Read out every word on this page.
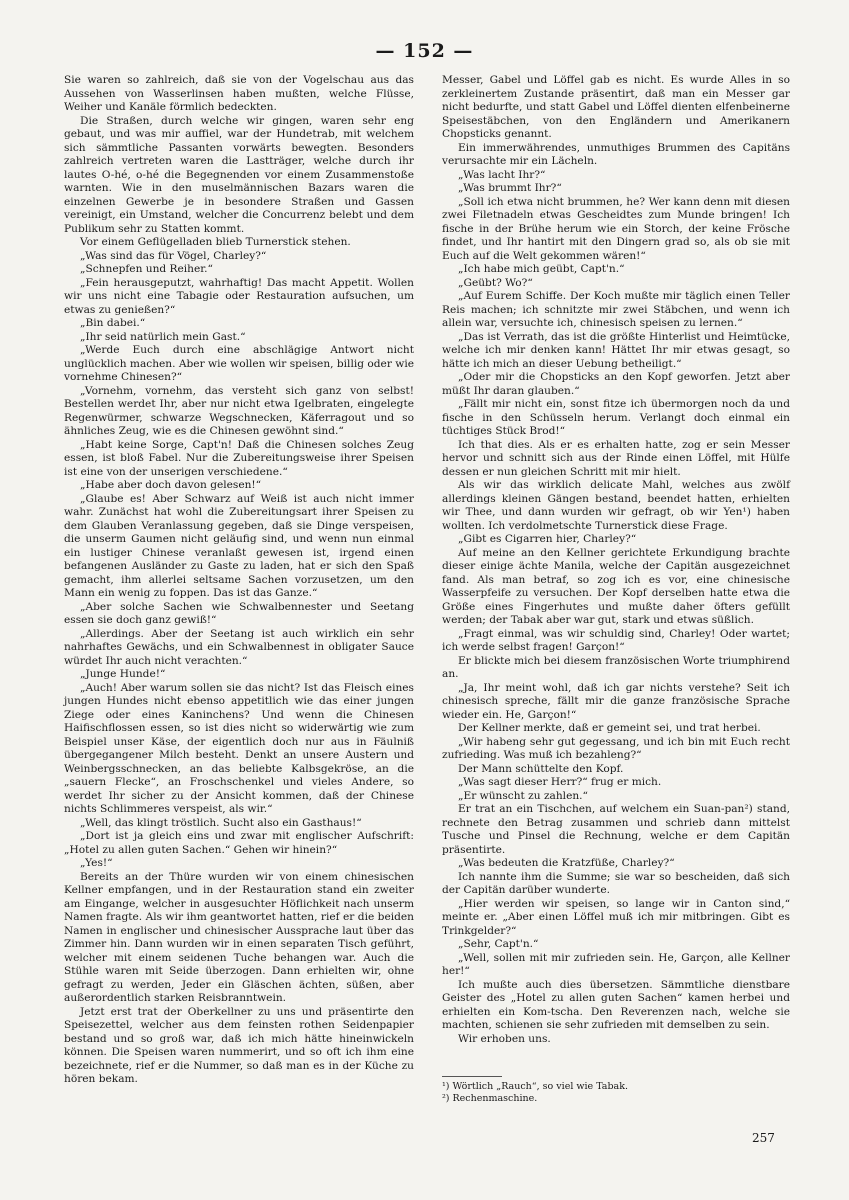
— 152 —

Sie waren so zahlreich, daß sie von der Vogelschau aus das Aussehen von Wasserlinsen haben mußten, welche Flüsse, Weiher und Kanäle förmlich bedeckten.

Die Straßen, durch welche wir gingen, waren sehr eng gebaut, und was mir auffiel, war der Hundetrab, mit welchem sich sämmtliche Passanten vorwärts bewegten. Besonders zahlreich vertreten waren die Lastträger, welche durch ihr lautes O-hé, o-hé die Begegnenden vor einem Zusammenstoße warnten. Wie in den muselmännischen Bazars waren die einzelnen Gewerbe je in besondere Straßen und Gassen vereinigt, ein Umstand, welcher die Concurrenz belebt und dem Publikum sehr zu Statten kommt.

Vor einem Geflügelladen blieb Turnerstick stehen.

„Was sind das für Vögel, Charley?“

„Schnepfen und Reiher.“

„Fein herausgeputzt, wahrhaftig! Das macht Appetit. Wollen wir uns nicht eine Tabagie oder Restauration aufsuchen, um etwas zu genießen?“

„Bin dabei.“

„Ihr seid natürlich mein Gast.“

„Werde Euch durch eine abschlägige Antwort nicht unglücklich machen. Aber wie wollen wir speisen, billig oder wie vornehme Chinesen?“

„Vornehm, vornehm, das versteht sich ganz von selbst! Bestellen werdet Ihr, aber nur nicht etwa Igelbraten, eingelegte Regenwürmer, schwarze Wegschnecken, Käferragout und so ähnliches Zeug, wie es die Chinesen gewöhnt sind.“

„Habt keine Sorge, Capt'n! Daß die Chinesen solches Zeug essen, ist bloß Fabel. Nur die Zubereitungsweise ihrer Speisen ist eine von der unserigen verschiedene.“

„Habe aber doch davon gelesen!“

„Glaube es! Aber Schwarz auf Weiß ist auch nicht immer wahr. Zunächst hat wohl die Zubereitungsart ihrer Speisen zu dem Glauben Veranlassung gegeben, daß sie Dinge verspeisen, die unserm Gaumen nicht geläufig sind, und wenn nun einmal ein lustiger Chinese veranlaßt gewesen ist, irgend einen befangenen Ausländer zu Gaste zu laden, hat er sich den Spaß gemacht, ihm allerlei seltsame Sachen vorzusetzen, um den Mann ein wenig zu foppen. Das ist das Ganze.“

„Aber solche Sachen wie Schwalbennester und Seetang essen sie doch ganz gewiß!“

„Allerdings. Aber der Seetang ist auch wirklich ein sehr nahrhaftes Gewächs, und ein Schwalbennest in obligater Sauce würdet Ihr auch nicht verachten.“

„Junge Hunde!“

„Auch! Aber warum sollen sie das nicht? Ist das Fleisch eines jungen Hundes nicht ebenso appetitlich wie das einer jungen Ziege oder eines Kaninchens? Und wenn die Chinesen Haifischflossen essen, so ist dies nicht so widerwärtig wie zum Beispiel unser Käse, der eigentlich doch nur aus in Fäulniß übergegangener Milch besteht. Denkt an unsere Austern und Weinbergsschnecken, an das beliebte Kalbsgekröse, an die „sauern Flecke“, an Froschschenkel und vieles Andere, so werdet Ihr sicher zu der Ansicht kommen, daß der Chinese nichts Schlimmeres verspeist, als wir.“

„Well, das klingt tröstlich. Sucht also ein Gasthaus!“

„Dort ist ja gleich eins und zwar mit englischer Aufschrift: „Hotel zu allen guten Sachen.“ Gehen wir hinein?“

„Yes!“

Bereits an der Thüre wurden wir von einem chinesischen Kellner empfangen, und in der Restauration stand ein zweiter am Eingange, welcher in ausgesuchter Höflichkeit nach unserm Namen fragte. Als wir ihm geantwortet hatten, rief er die beiden Namen in englischer und chinesischer Aussprache laut über das Zimmer hin. Dann wurden wir in einen separaten Tisch geführt, welcher mit einem seidenen Tuche behangen war. Auch die Stühle waren mit Seide überzogen. Dann erhielten wir, ohne gefragt zu werden, Jeder ein Gläschen ächten, süßen, aber außerordentlich starken Reisbranntwein.

Jetzt erst trat der Oberkellner zu uns und präsentirte den Speisezettel, welcher aus dem feinsten rothen Seidenpapier bestand und so groß war, daß ich mich hätte hineinwickeln können. Die Speisen waren nummerirt, und so oft ich ihm eine bezeichnete, rief er die Nummer, so daß man es in der Küche zu hören bekam.

Messer, Gabel und Löffel gab es nicht. Es wurde Alles in so zerkleinertem Zustande präsentirt, daß man ein Messer gar nicht bedurfte, und statt Gabel und Löffel dienten elfenbeinerne Speisestäbchen, von den Engländern und Amerikanern Chopsticks genannt.

Ein immerwährendes, unmuthiges Brummen des Capitäns verursachte mir ein Lächeln.

„Was lacht Ihr?“

„Was brummt Ihr?“

„Soll ich etwa nicht brummen, he? Wer kann denn mit diesen zwei Filetnadeln etwas Gescheidtes zum Munde bringen! Ich fische in der Brühe herum wie ein Storch, der keine Frösche findet, und Ihr hantirt mit den Dingern grad so, als ob sie mit Euch auf die Welt gekommen wären!“

„Ich habe mich geübt, Capt'n.“

„Geübt? Wo?“

„Auf Eurem Schiffe. Der Koch mußte mir täglich einen Teller Reis machen; ich schnitzte mir zwei Stäbchen, und wenn ich allein war, versuchte ich, chinesisch speisen zu lernen.“

„Das ist Verrath, das ist die größte Hinterlist und Heimtücke, welche ich mir denken kann! Hättet Ihr mir etwas gesagt, so hätte ich mich an dieser Uebung betheiligt.“

„Oder mir die Chopsticks an den Kopf geworfen. Jetzt aber müßt Ihr daran glauben.“

„Fällt mir nicht ein, sonst fitze ich übermorgen noch da und fische in den Schüsseln herum. Verlangt doch einmal ein tüchtiges Stück Brod!“

Ich that dies. Als er es erhalten hatte, zog er sein Messer hervor und schnitt sich aus der Rinde einen Löffel, mit Hülfe dessen er nun gleichen Schritt mit mir hielt.

Als wir das wirklich delicate Mahl, welches aus zwölf allerdings kleinen Gängen bestand, beendet hatten, erhielten wir Thee, und dann wurden wir gefragt, ob wir Yen¹) haben wollten. Ich verdolmetschte Turnerstick diese Frage.

„Gibt es Cigarren hier, Charley?“

Auf meine an den Kellner gerichtete Erkundigung brachte dieser einige ächte Manila, welche der Capitän ausgezeichnet fand. Als man betraf, so zog ich es vor, eine chinesische Wasserpfeife zu versuchen. Der Kopf derselben hatte etwa die Größe eines Fingerhutes und mußte daher öfters gefüllt werden; der Tabak aber war gut, stark und etwas süßlich.

„Fragt einmal, was wir schuldig sind, Charley! Oder wartet; ich werde selbst fragen! Garçon!“

Er blickte mich bei diesem französischen Worte triumphirend an.

„Ja, Ihr meint wohl, daß ich gar nichts verstehe? Seit ich chinesisch spreche, fällt mir die ganze französische Sprache wieder ein. He, Garçon!“

Der Kellner merkte, daß er gemeint sei, und trat herbei.

„Wir habeng sehr gut gegessang, und ich bin mit Euch recht zufrieding. Was muß ich bezahleng?“

Der Mann schüttelte den Kopf.

„Was sagt dieser Herr?“ frug er mich.

„Er wünscht zu zahlen.“

Er trat an ein Tischchen, auf welchem ein Suan-pan²) stand, rechnete den Betrag zusammen und schrieb dann mittelst Tusche und Pinsel die Rechnung, welche er dem Capitän präsentirte.

„Was bedeuten die Kratzfüße, Charley?“

Ich nannte ihm die Summe; sie war so bescheiden, daß sich der Capitän darüber wunderte.

„Hier werden wir speisen, so lange wir in Canton sind,“ meinte er. „Aber einen Löffel muß ich mir mitbringen. Gibt es Trinkgelder?“

„Sehr, Capt'n.“

„Well, sollen mit mir zufrieden sein. He, Garçon, alle Kellner her!“

Ich mußte auch dies übersetzen. Sämmtliche dienstbare Geister des „Hotel zu allen guten Sachen“ kamen herbei und erhielten ein Kom-tscha. Den Reverenzen nach, welche sie machten, schienen sie sehr zufrieden mit demselben zu sein.

Wir erhoben uns.

¹) Wörtlich „Rauch“, so viel wie Tabak.

²) Rechenmaschine.

257
